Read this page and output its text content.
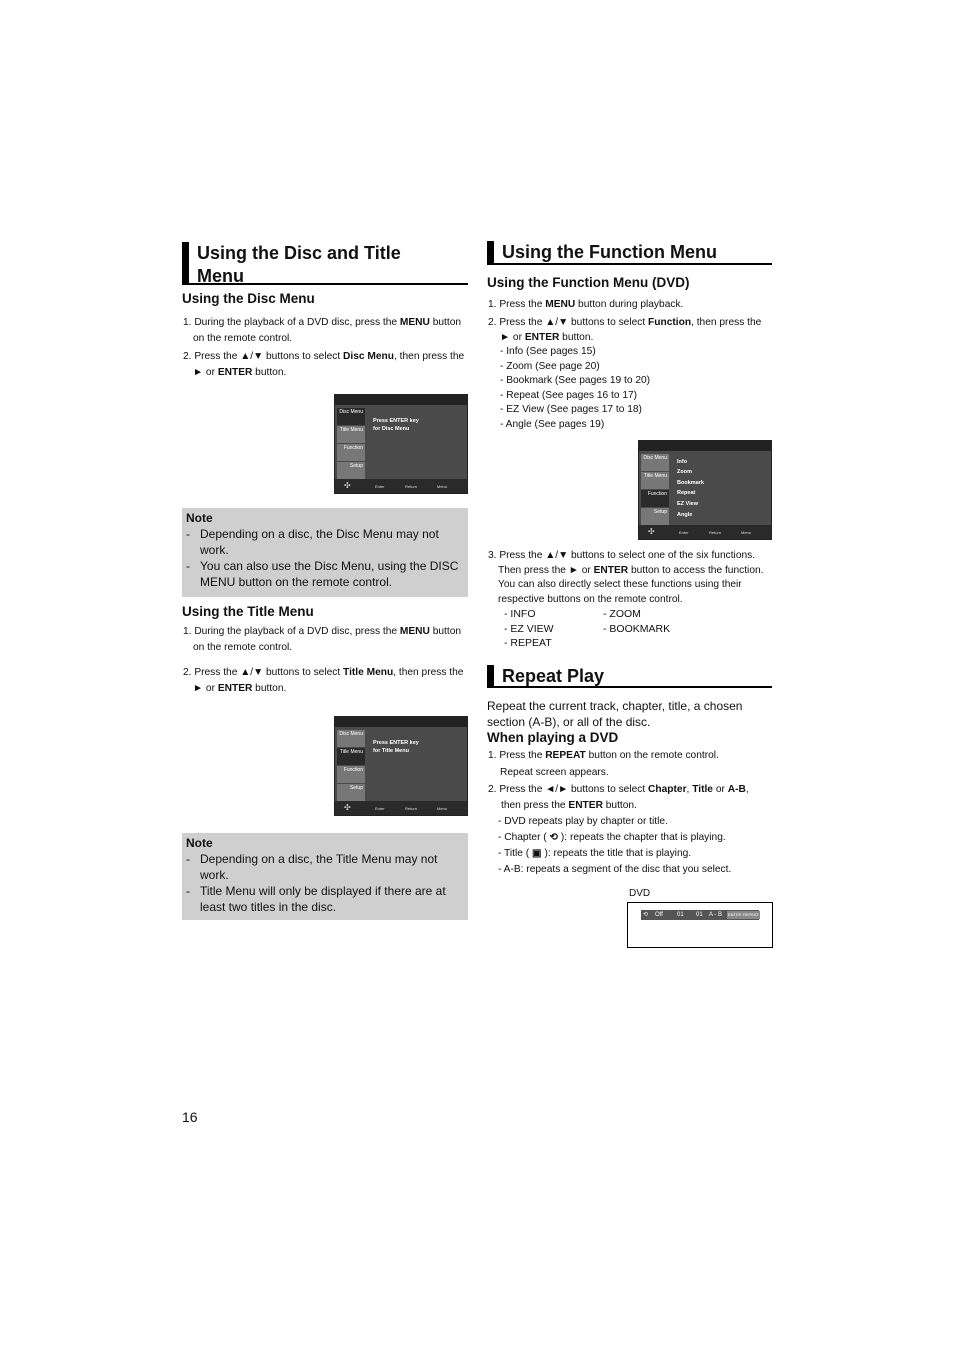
Using the Disc and Title
Menu
Using the Disc Menu
1. During the playback of a DVD disc, press the MENU button
on the remote control.
2. Press the ▲/▼ buttons to select Disc Menu, then press the
► or ENTER button.
Disc Menu
Title Menu
Function
Setup
Press ENTER key
for Disc Menu
✣	Enter	Return	Menu
Note
- Depending on a disc, the Disc Menu may not work.
- You can also use the Disc Menu, using the DISC MENU button on the remote control.
Using the Title Menu
1. During the playback of a DVD disc, press the MENU button
on the remote control.
2. Press the ▲/▼ buttons to select Title Menu, then press the
► or ENTER button.
Disc Menu
Title Menu
Function
Setup
Press ENTER key
for Title Menu
✣	Enter	Return	Menu
Note
- Depending on a disc, the Title Menu may not work.
- Title Menu will only be displayed if there are at least two titles in the disc.
16
Using the Function Menu
Using the Function Menu (DVD)
1. Press the MENU button during playback.
2. Press the ▲/▼ buttons to select Function, then press the
► or ENTER button.
- Info (See pages 15)
- Zoom (See page 20)
- Bookmark (See pages 19 to 20)
- Repeat (See pages 16 to 17)
- EZ View (See pages 17 to 18)
- Angle (See pages 19)
Disc Menu
Title Menu
Function
Setup
Info
Zoom
Bookmark
Repeat
EZ View
Angle
✣	Enter	Return	Menu
3. Press the ▲/▼ buttons to select one of the six functions.
Then press the ► or ENTER button to access the function.
You can also directly select these functions using their
respective buttons on the remote control.
- INFO
- EZ VIEW
- REPEAT
- ZOOM
- BOOKMARK
Repeat Play
Repeat the current track, chapter, title, a chosen
section (A-B), or all of the disc.
When playing a DVD
1. Press the REPEAT button on the remote control.
Repeat screen appears.
2. Press the ◄/► buttons to select Chapter, Title or A-B,
then press the ENTER button.
- DVD repeats play by chapter or title.
- Chapter ( ⟲ ): repeats the chapter that is playing.
- Title ( ▣ ): repeats the title that is playing.
- A-B: repeats a segment of the disc that you select.
DVD
⟲ Off 01 01 A - B ENTER REPEAT
